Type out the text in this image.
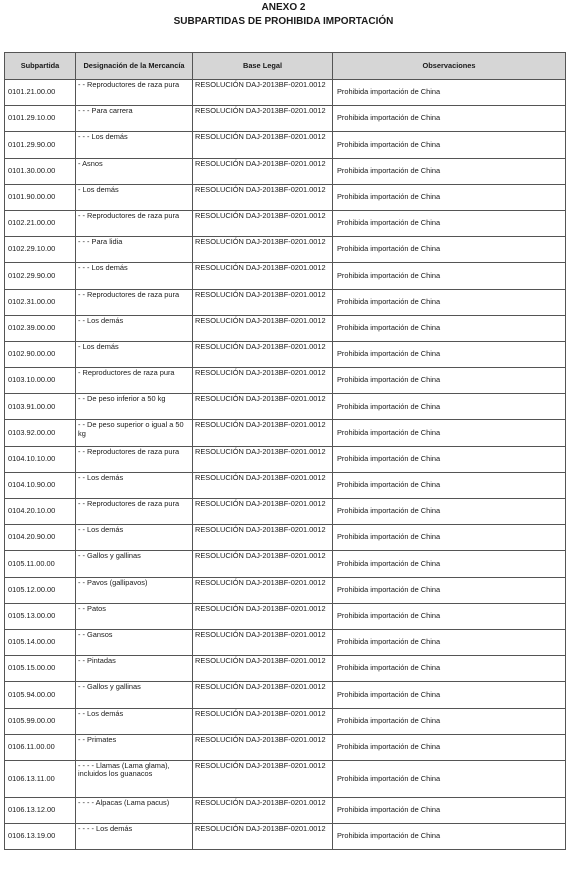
ANEXO 2
SUBPARTIDAS DE PROHIBIDA IMPORTACIÓN
Subpartida	Designación de la Mercancía	Base Legal	Observaciones
0101.21.00.00	- - Reproductores de raza pura	RESOLUCIÓN DAJ-2013BF-0201.0012	Prohibida importación de China
0101.29.10.00	- - - Para carrera	RESOLUCIÓN DAJ-2013BF-0201.0012	Prohibida importación de China
0101.29.90.00	- - - Los demás	RESOLUCIÓN DAJ-2013BF-0201.0012	Prohibida importación de China
0101.30.00.00	- Asnos	RESOLUCIÓN DAJ-2013BF-0201.0012	Prohibida importación de China
0101.90.00.00	- Los demás	RESOLUCIÓN DAJ-2013BF-0201.0012	Prohibida importación de China
0102.21.00.00	- - Reproductores de raza pura	RESOLUCIÓN DAJ-2013BF-0201.0012	Prohibida importación de China
0102.29.10.00	- - - Para lidia	RESOLUCIÓN DAJ-2013BF-0201.0012	Prohibida importación de China
0102.29.90.00	- - - Los demás	RESOLUCIÓN DAJ-2013BF-0201.0012	Prohibida importación de China
0102.31.00.00	- - Reproductores de raza pura	RESOLUCIÓN DAJ-2013BF-0201.0012	Prohibida importación de China
0102.39.00.00	- - Los demás	RESOLUCIÓN DAJ-2013BF-0201.0012	Prohibida importación de China
0102.90.00.00	- Los demás	RESOLUCIÓN DAJ-2013BF-0201.0012	Prohibida importación de China
0103.10.00.00	- Reproductores de raza pura	RESOLUCIÓN DAJ-2013BF-0201.0012	Prohibida importación de China
0103.91.00.00	- - De peso inferior a 50 kg	RESOLUCIÓN DAJ-2013BF-0201.0012	Prohibida importación de China
0103.92.00.00	- - De peso superior o igual a 50 kg	RESOLUCIÓN DAJ-2013BF-0201.0012	Prohibida importación de China
0104.10.10.00	- - Reproductores de raza pura	RESOLUCIÓN DAJ-2013BF-0201.0012	Prohibida importación de China
0104.10.90.00	- - Los demás	RESOLUCIÓN DAJ-2013BF-0201.0012	Prohibida importación de China
0104.20.10.00	- - Reproductores de raza pura	RESOLUCIÓN DAJ-2013BF-0201.0012	Prohibida importación de China
0104.20.90.00	- - Los demás	RESOLUCIÓN DAJ-2013BF-0201.0012	Prohibida importación de China
0105.11.00.00	- - Gallos y gallinas	RESOLUCIÓN DAJ-2013BF-0201.0012	Prohibida importación de China
0105.12.00.00	- - Pavos (gallipavos)	RESOLUCIÓN DAJ-2013BF-0201.0012	Prohibida importación de China
0105.13.00.00	- - Patos	RESOLUCIÓN DAJ-2013BF-0201.0012	Prohibida importación de China
0105.14.00.00	- - Gansos	RESOLUCIÓN DAJ-2013BF-0201.0012	Prohibida importación de China
0105.15.00.00	- - Pintadas	RESOLUCIÓN DAJ-2013BF-0201.0012	Prohibida importación de China
0105.94.00.00	- - Gallos y gallinas	RESOLUCIÓN DAJ-2013BF-0201.0012	Prohibida importación de China
0105.99.00.00	- - Los demás	RESOLUCIÓN DAJ-2013BF-0201.0012	Prohibida importación de China
0106.11.00.00	- - Primates	RESOLUCIÓN DAJ-2013BF-0201.0012	Prohibida importación de China
0106.13.11.00	- - - - Llamas (Lama glama), incluidos los guanacos	RESOLUCIÓN DAJ-2013BF-0201.0012	Prohibida importación de China
0106.13.12.00	- - - - Alpacas (Lama pacus)	RESOLUCIÓN DAJ-2013BF-0201.0012	Prohibida importación de China
0106.13.19.00	- - - - Los demás	RESOLUCIÓN DAJ-2013BF-0201.0012	Prohibida importación de China
